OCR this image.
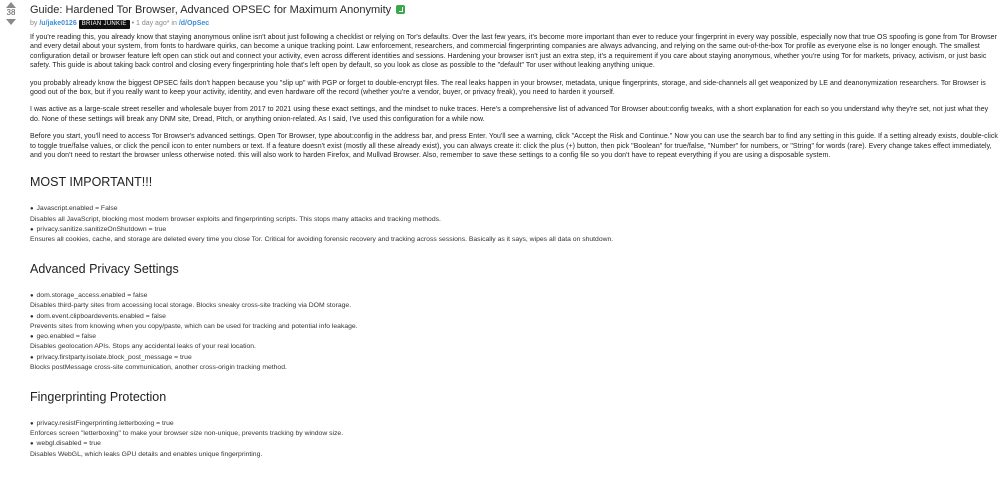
38 Guide: Hardened Tor Browser, Advanced OPSEC for Maximum Anonymity
by /u/jake0126 BRIAN JUNKIE • 1 day ago* in /d/OpSec

If you're reading this, you already know that staying anonymous online isn't about just following a checklist or relying on Tor's defaults. Over the last few years, it's become more important than ever to reduce your fingerprint in every way possible, especially now that true OS spoofing is gone from Tor Browser and every detail about your system, from fonts to hardware quirks, can become a unique tracking point. Law enforcement, researchers, and commercial fingerprinting companies are always advancing, and relying on the same out-of-the-box Tor profile as everyone else is no longer enough. The smallest configuration detail or browser feature left open can stick out and connect your activity, even across different identities and sessions. Hardening your browser isn't just an extra step, it's a requirement if you care about staying anonymous, whether you're using Tor for markets, privacy, activism, or just basic safety. This guide is about taking back control and closing every fingerprinting hole that's left open by default, so you look as close as possible to the "default" Tor user without leaking anything unique.

you probably already know the biggest OPSEC fails don't happen because you "slip up" with PGP or forget to double-encrypt files. The real leaks happen in your browser, metadata, unique fingerprints, storage, and side-channels all get weaponized by LE and deanonymization researchers. Tor Browser is good out of the box, but if you really want to keep your activity, identity, and even hardware off the record (whether you're a vendor, buyer, or privacy freak), you need to harden it yourself.

I was active as a large-scale street reseller and wholesale buyer from 2017 to 2021 using these exact settings, and the mindset to nuke traces. Here's a comprehensive list of advanced Tor Browser about:config tweaks, with a short explanation for each so you understand why they're set, not just what they do. None of these settings will break any DNM site, Dread, Pitch, or anything onion-related. As I said, I've used this configuration for a while now.

Before you start, you'll need to access Tor Browser's advanced settings. Open Tor Browser, type about:config in the address bar, and press Enter. You'll see a warning, click "Accept the Risk and Continue." Now you can use the search bar to find any setting in this guide. If a setting already exists, double-click to toggle true/false values, or click the pencil icon to enter numbers or text. If a feature doesn't exist (mostly all these already exist), you can always create it: click the plus (+) button, then pick "Boolean" for true/false, "Number" for numbers, or "String" for words (rare). Every change takes effect immediately, and you don't need to restart the browser unless otherwise noted. this will also work to harden Firefox, and Mullvad Browser. Also, remember to save these settings to a config file so you don't have to repeat everything if you are using a disposable system.

MOST IMPORTANT!!!
● Javascript.enabled = False
Disables all JavaScript, blocking most modern browser exploits and fingerprinting scripts. This stops many attacks and tracking methods.
● privacy.sanitize.sanitizeOnShutdown = true
Ensures all cookies, cache, and storage are deleted every time you close Tor. Critical for avoiding forensic recovery and tracking across sessions. Basically as it says, wipes all data on shutdown.
Advanced Privacy Settings
● dom.storage_access.enabled = false
Disables third-party sites from accessing local storage. Blocks sneaky cross-site tracking via DOM storage.
● dom.event.clipboardevents.enabled = false
Prevents sites from knowing when you copy/paste, which can be used for tracking and potential info leakage.
● geo.enabled = false
Disables geolocation APIs. Stops any accidental leaks of your real location.
● privacy.firstparty.isolate.block_post_message = true
Blocks postMessage cross-site communication, another cross-origin tracking method.
Fingerprinting Protection
● privacy.resistFingerprinting.letterboxing = true
Enforces screen "letterboxing" to make your browser size non-unique, prevents tracking by window size.
● webgl.disabled = true
Disables WebGL, which leaks GPU details and enables unique fingerprinting.
